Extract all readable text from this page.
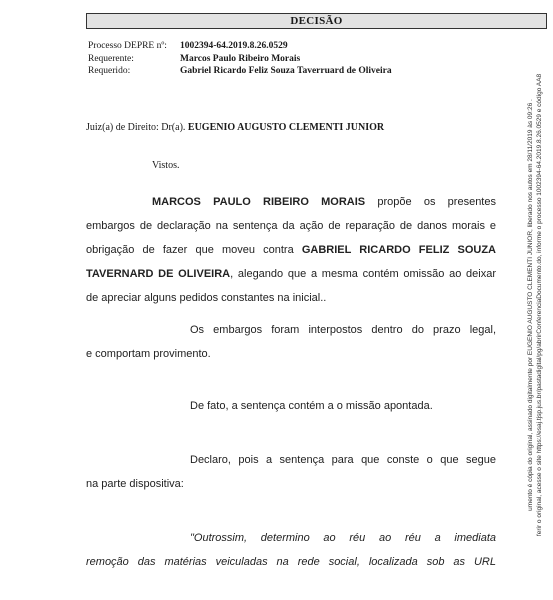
DECISÃO
Processo DEPRE nº:	1002394-64.2019.8.26.0529
Requerente:	Marcos Paulo Ribeiro Morais
Requerido:	Gabriel Ricardo Feliz Souza Taverruard de Oliveira
Juiz(a) de Direito: Dr(a). EUGENIO AUGUSTO CLEMENTI JUNIOR
Vistos.
MARCOS PAULO RIBEIRO MORAIS propõe os presentes
embargos de declaração na sentença da ação de reparação de danos morais e
obrigação de fazer que moveu contra GABRIEL RICARDO FELIZ SOUZA
TAVERNARD DE OLIVEIRA, alegando que a mesma contém omissão ao deixar
de apreciar alguns pedidos constantes na inicial..
Os embargos foram interpostos dentro do prazo legal,
e comportam provimento.
De fato, a sentença contém a o missão apontada.
Declaro, pois a sentença para que conste o que segue
na parte dispositiva:
"Outrossim, determino ao réu ao réu a imediata
remoção das matérias veiculadas na rede social, localizada sob as URL
umento é cópia do original, assinado digitalmente por EUGENIO AUGUSTO CLEMENTI JUNIOR, liberado nos autos em 28/11/2019 às 09:26 . ferir o original, acesse o site https://esaj.tjsp.jus.br/pastadigital/pg/abrirConferenciaDocumento.do, informe o processo 1002394-64.2019.8.26.0529 e código AA8
